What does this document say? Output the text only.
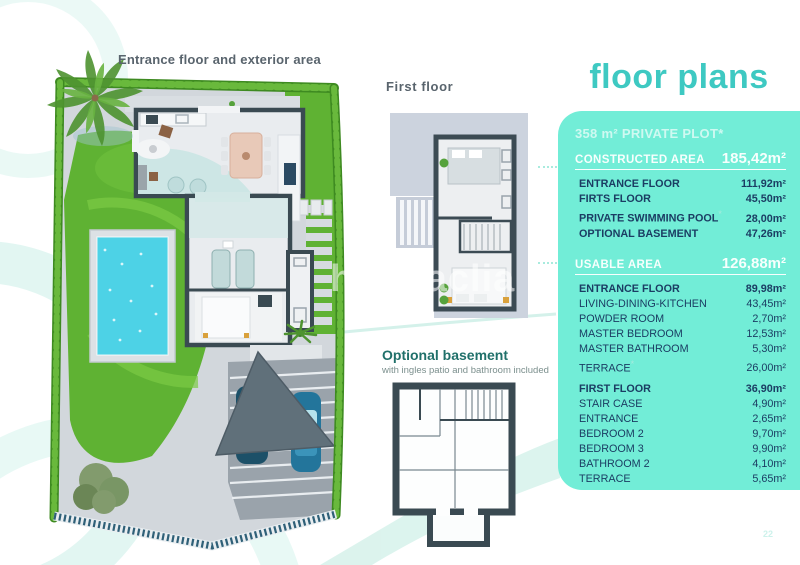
habitaclia
Entrance floor and exterior area
First floor
Optional basement
with ingles patio and bathroom included
floor plans
358 m² PRIVATE PLOT*
CONSTRUCTED AREA 185,42m²
ENTRANCE FLOOR	111,92m²
FIRTS FLOOR	45,50m²
PRIVATE SWIMMING POOL* 28,00m²
OPTIONAL BASEMENT	47,26m²
USABLE AREA	126,88m²
ENTRANCE FLOOR	89,98m²
LIVING-DINING-KITCHEN	43,45m²
POWDER ROOM	2,70m²
MASTER BEDROOM	12,53m²
MASTER BATHROOM	5,30m²
TERRACE*	26,00m²
FIRST FLOOR	36,90m²
STAIR CASE	4,90m²
ENTRANCE	2,65m²
BEDROOM 2	9,70m²
BEDROOM 3	9,90m²
BATHROOM 2	4,10m²
TERRACE	5,65m²
22
